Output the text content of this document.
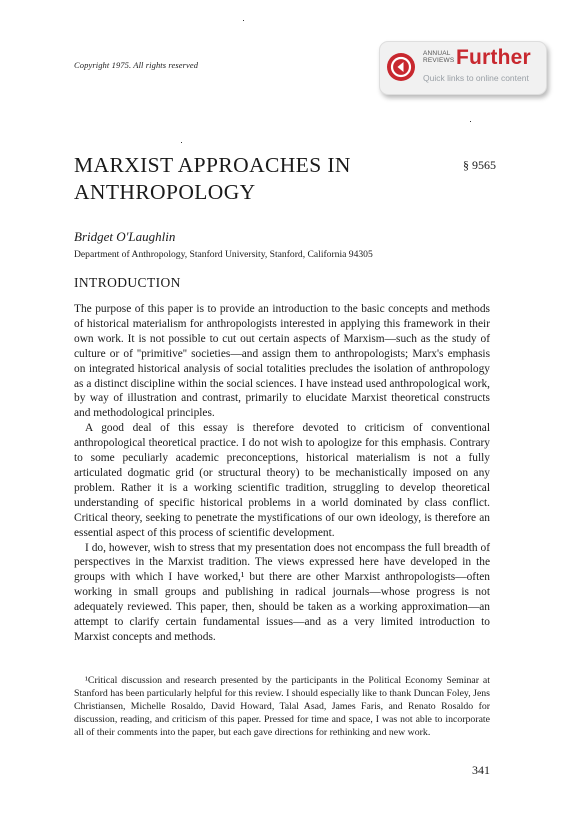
Copyright 1975. All rights reserved
ANNUAL
REVIEWS Further
Quick links to online content
MARXIST APPROACHES IN ANTHROPOLOGY
§ 9565
Bridget O'Laughlin
Department of Anthropology, Stanford University, Stanford, California 94305
INTRODUCTION

The purpose of this paper is to provide an introduction to the basic concepts and methods of historical materialism for anthropologists interested in applying this framework in their own work. It is not possible to cut out certain aspects of Marxism—such as the study of culture or of ''primitive'' societies—and assign them to anthropologists; Marx's emphasis on integrated historical analysis of social totalities precludes the isolation of anthropology as a distinct discipline within the social sciences. I have instead used anthropological work, by way of illustration and contrast, primarily to elucidate Marxist theoretical constructs and methodological principles.

A good deal of this essay is therefore devoted to criticism of conventional anthropological theoretical practice. I do not wish to apologize for this emphasis. Contrary to some peculiarly academic preconceptions, historical materialism is not a fully articulated dogmatic grid (or structural theory) to be mechanistically imposed on any problem. Rather it is a working scientific tradition, struggling to develop theoretical understanding of specific historical problems in a world dominated by class conflict. Critical theory, seeking to penetrate the mystifications of our own ideology, is therefore an essential aspect of this process of scientific development.

I do, however, wish to stress that my presentation does not encompass the full breadth of perspectives in the Marxist tradition. The views expressed here have developed in the groups with which I have worked,¹ but there are other Marxist anthropologists—often working in small groups and publishing in radical journals—whose progress is not adequately reviewed. This paper, then, should be taken as a working approximation—an attempt to clarify certain fundamental issues—and as a very limited introduction to Marxist concepts and methods.

¹Critical discussion and research presented by the participants in the Political Economy Seminar at Stanford has been particularly helpful for this review. I should especially like to thank Duncan Foley, Jens Christiansen, Michelle Rosaldo, David Howard, Talal Asad, James Faris, and Renato Rosaldo for discussion, reading, and criticism of this paper. Pressed for time and space, I was not able to incorporate all of their comments into the paper, but each gave directions for rethinking and new work.

341
